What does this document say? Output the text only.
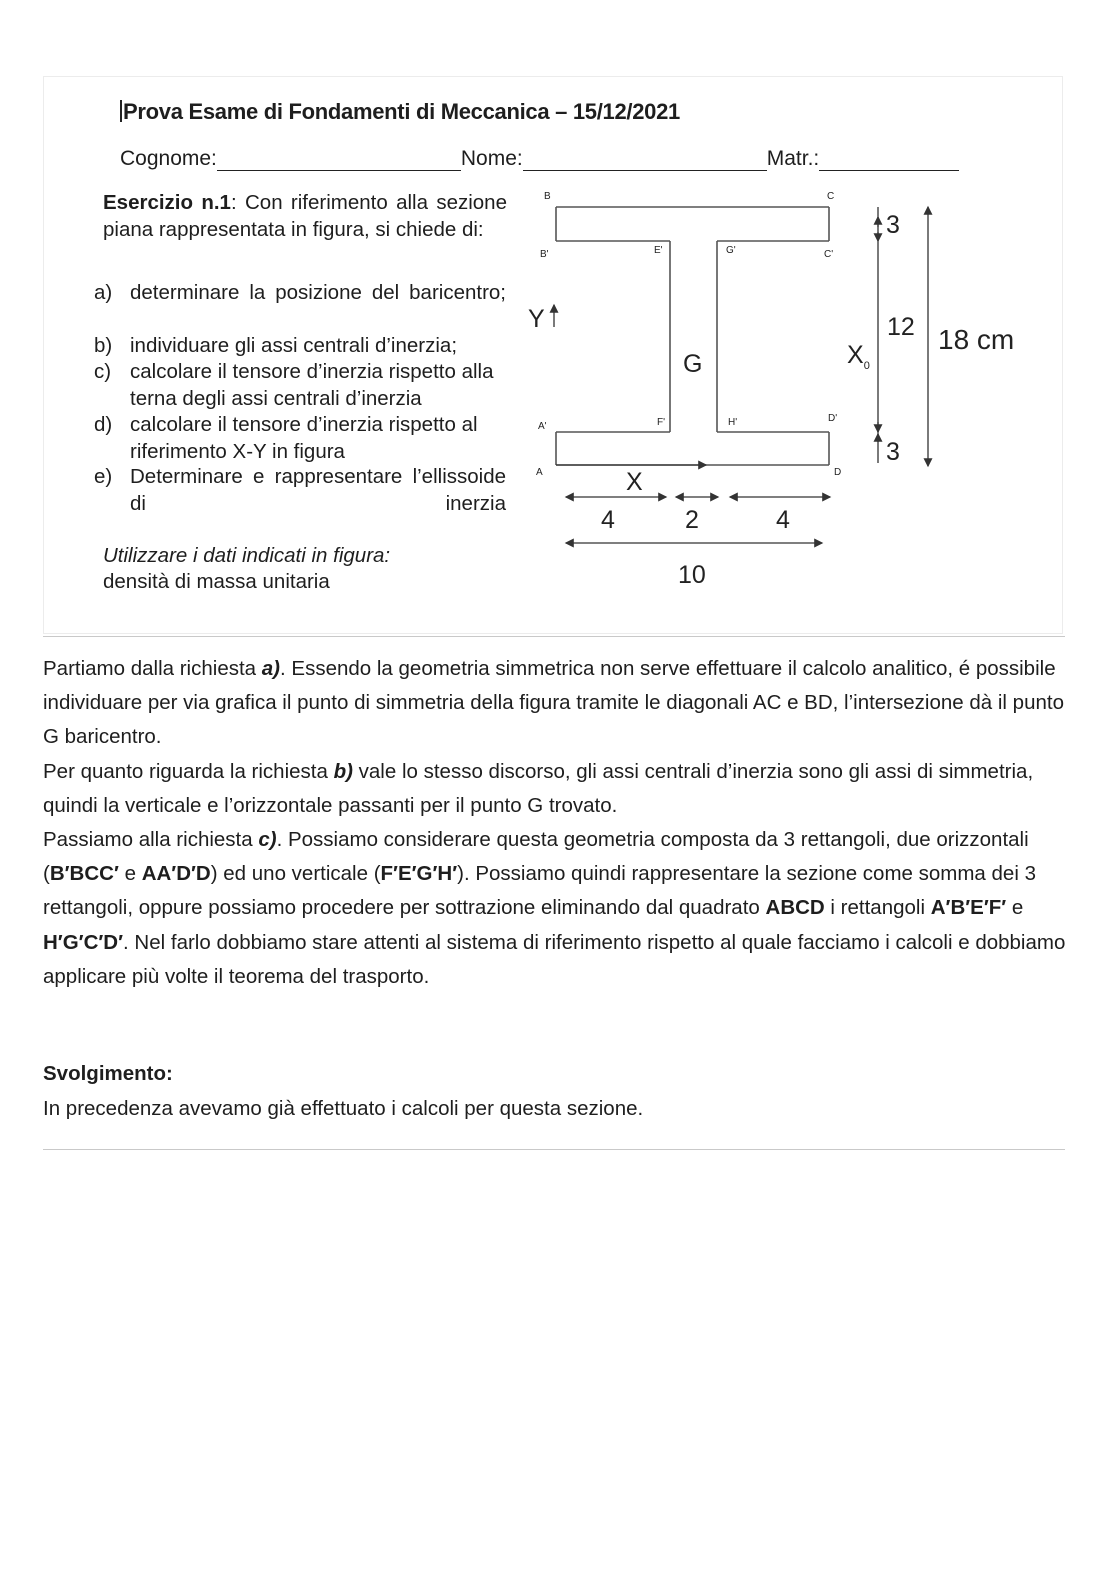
Prova Esame di Fondamenti di Meccanica – 15/12/2021
Cognome:	Nome:	Matr.:
Esercizio n.1: Con riferimento alla sezione piana rappresentata in figura, si chiede di:
a) determinare la posizione del baricentro;
b) individuare gli assi centrali d’inerzia;
c) calcolare il tensore d’inerzia rispetto alla terna degli assi centrali d’inerzia
d) calcolare il tensore d’inerzia rispetto al riferimento X-Y in figura
e) Determinare e rappresentare l’ellissoide di inerzia
Utilizzare i dati indicati in figura:
densità di massa unitaria
B	C
B'	E'	G'	C'
A'	F'	H'	D'
A	D
G
Y
X
$X_0$
3
12
3
18 cm
4	2	4
10

Partiamo dalla richiesta a). Essendo la geometria simmetrica non serve effettuare il calcolo analitico, é possibile individuare per via grafica il punto di simmetria della figura tramite le diagonali AC e BD, l’intersezione dà il punto G baricentro.

Per quanto riguarda la richiesta b) vale lo stesso discorso, gli assi centrali d’inerzia sono gli assi di simmetria, quindi la verticale e l’orizzontale passanti per il punto G trovato.

Passiamo alla richiesta c). Possiamo considerare questa geometria composta da 3 rettangoli, due orizzontali (B′BCC′ e AA′D′D) ed uno verticale (F′E′G′H′). Possiamo quindi rappresentare la sezione come somma dei 3 rettangoli, oppure possiamo procedere per sottrazione eliminando dal quadrato ABCD i rettangoli A′B′E′F′ e H′G′C′D′. Nel farlo dobbiamo stare attenti al sistema di riferimento rispetto al quale facciamo i calcoli e dobbiamo applicare più volte il teorema del trasporto.

Svolgimento:
In precedenza avevamo già effettuato i calcoli per questa sezione.
